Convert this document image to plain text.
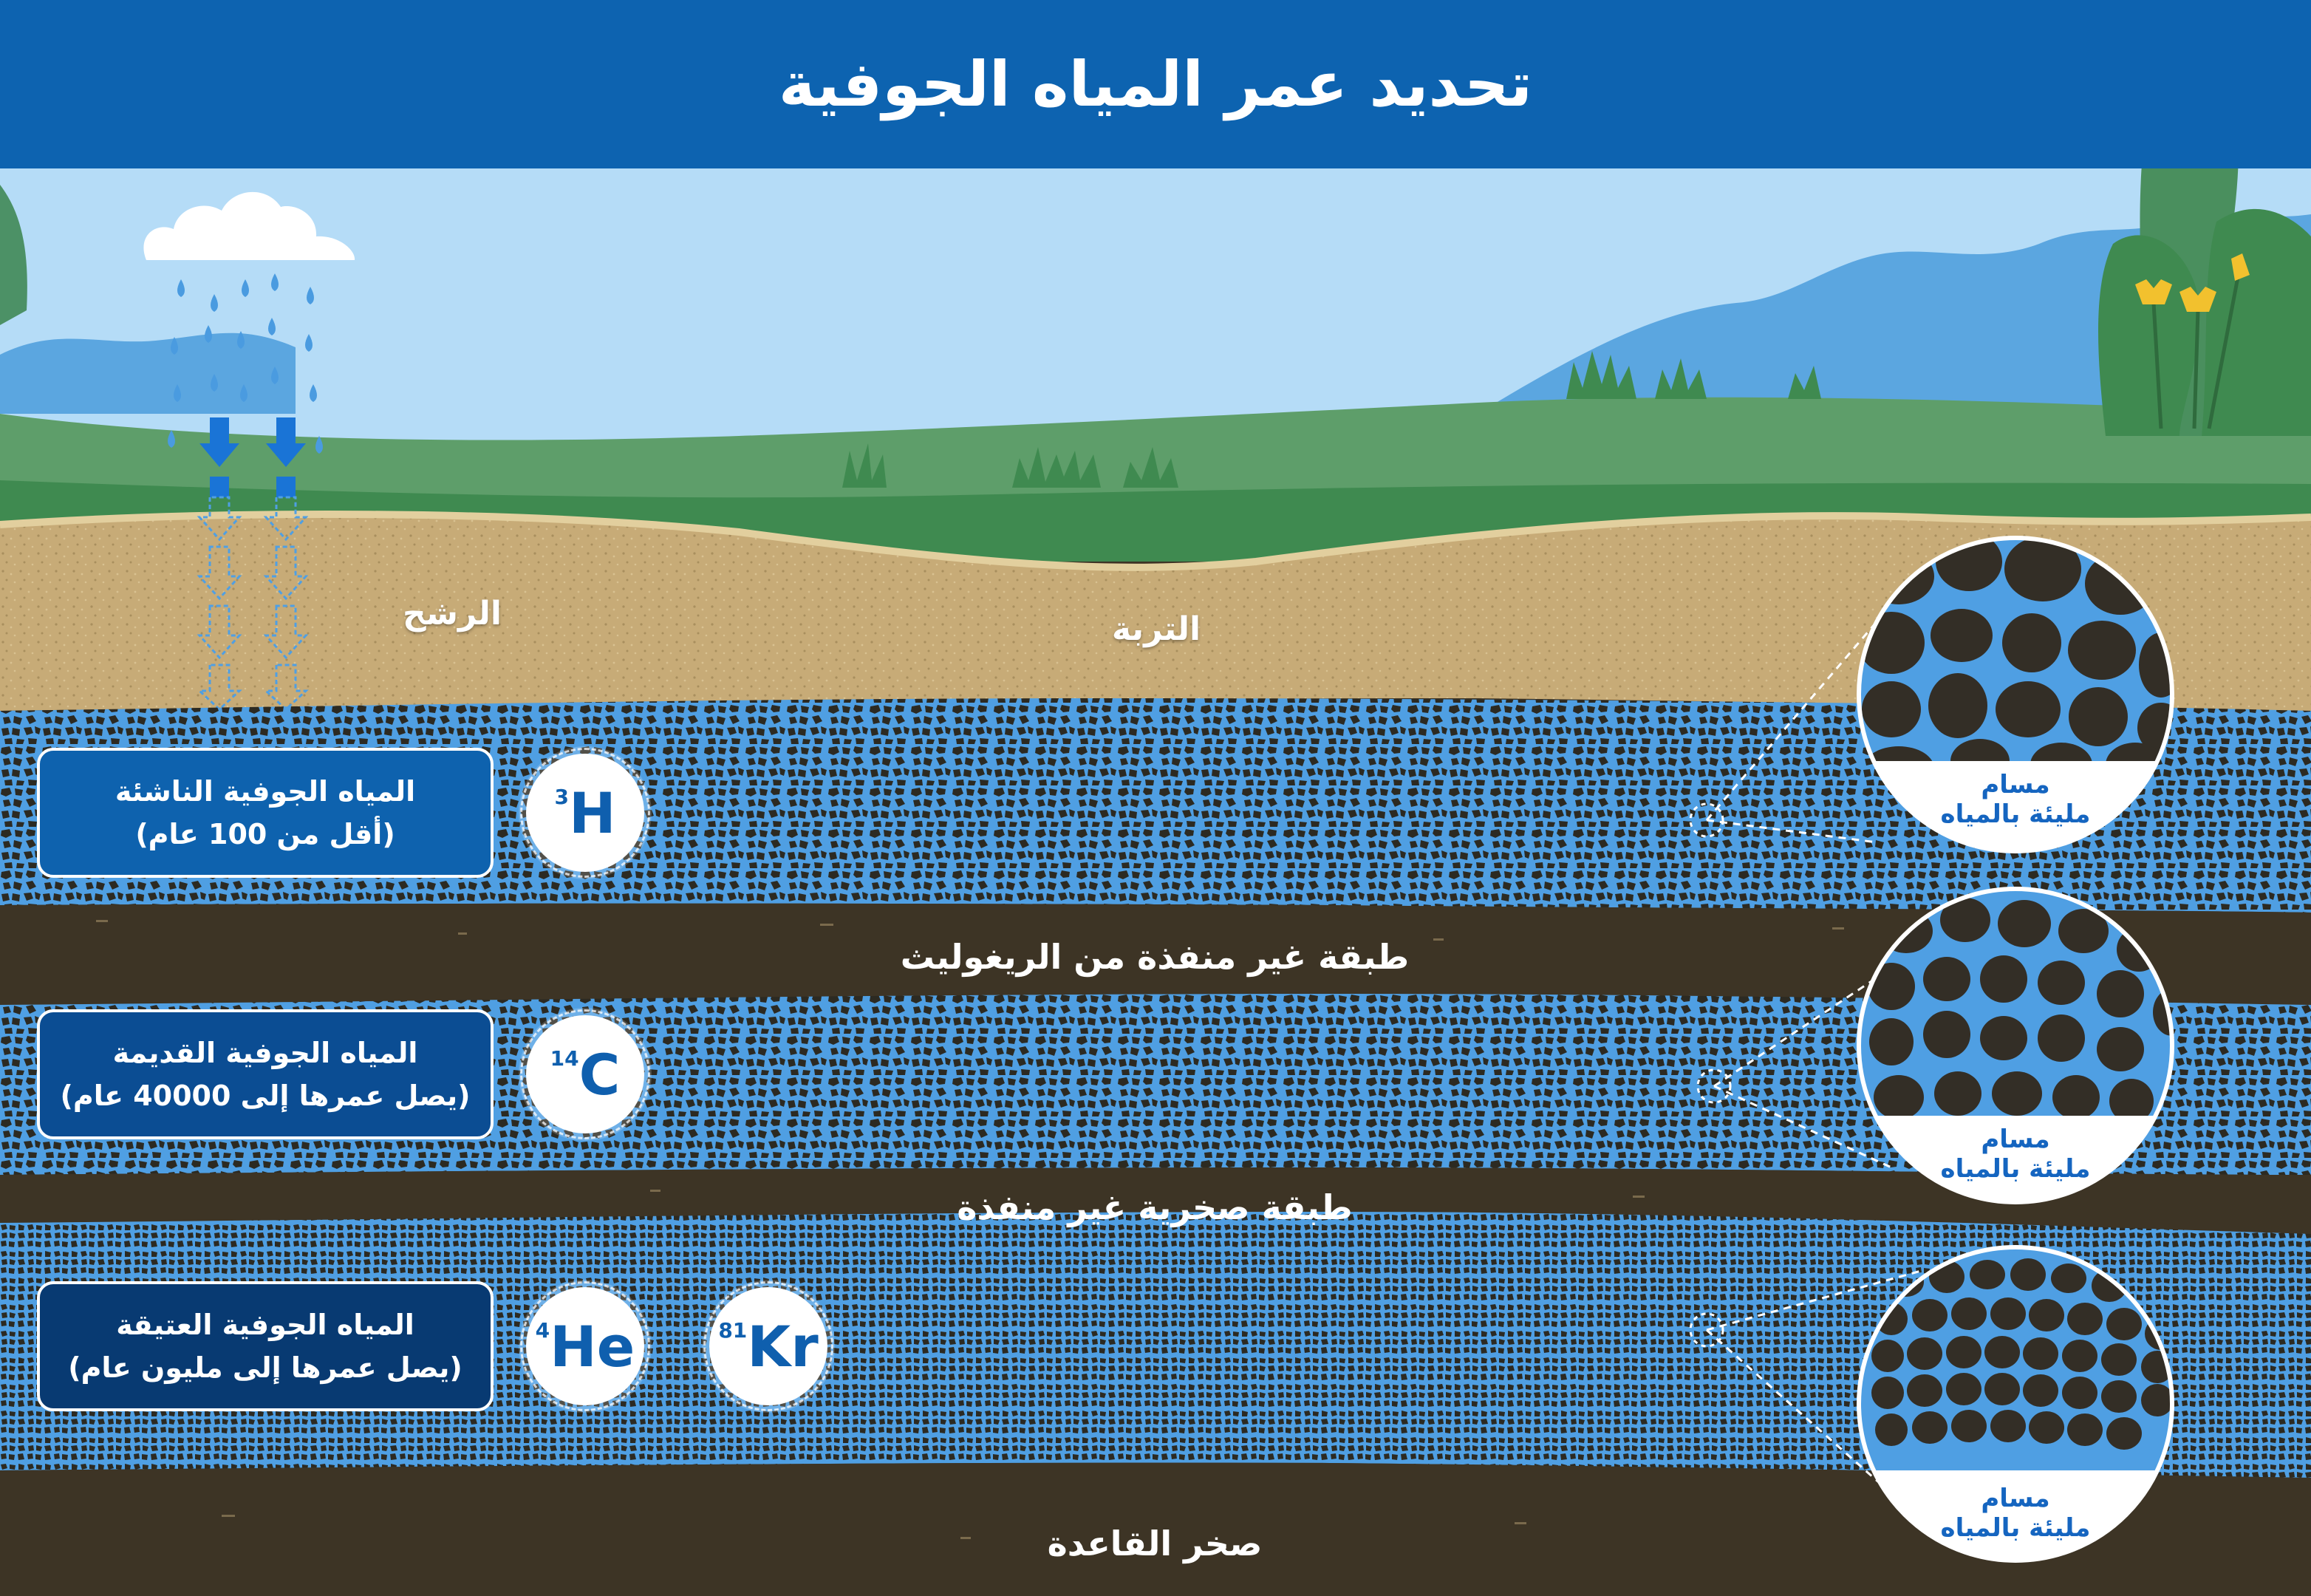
تحديد عمر المياه الجوفية
الرشح	التربة
طبقة غير منفذة من الريغوليث
طبقة صخرية غير منفذة
صخر القاعدة
المياه الجوفية الناشئة
(أقل من 100 عام)
المياه الجوفية القديمة
(يصل عمرها إلى 40000 عام)
المياه الجوفية العتيقة
(يصل عمرها إلى مليون عام)
3 H
14 C
4 He	81 Kr
مسام
مليئة بالمياه
مسام
مليئة بالمياه
مسام
مليئة بالمياه
